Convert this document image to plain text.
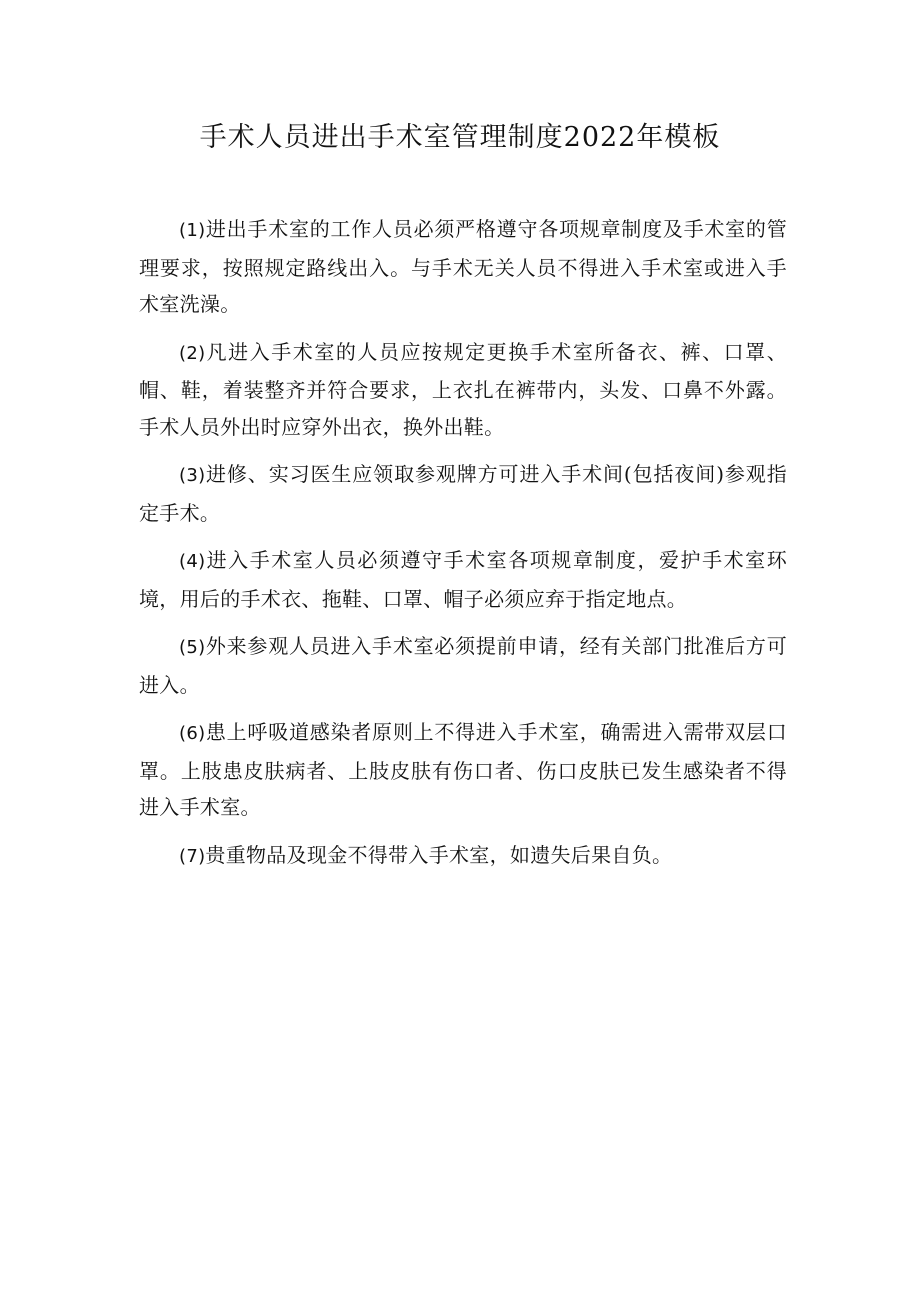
手术人员进出手术室管理制度2022年模板

(1)进出手术室的工作人员必须严格遵守各项规章制度及手术室的管理要求，按照规定路线出入。与手术无关人员不得进入手术室或进入手术室洗澡。

(2)凡进入手术室的人员应按规定更换手术室所备衣、裤、口罩、帽、鞋，着装整齐并符合要求，上衣扎在裤带内，头发、口鼻不外露。手术人员外出时应穿外出衣，换外出鞋。

(3)进修、实习医生应领取参观牌方可进入手术间(包括夜间)参观指定手术。

(4)进入手术室人员必须遵守手术室各项规章制度，爱护手术室环境，用后的手术衣、拖鞋、口罩、帽子必须应弃于指定地点。

(5)外来参观人员进入手术室必须提前申请，经有关部门批准后方可进入。

(6)患上呼吸道感染者原则上不得进入手术室，确需进入需带双层口罩。上肢患皮肤病者、上肢皮肤有伤口者、伤口皮肤已发生感染者不得进入手术室。

(7)贵重物品及现金不得带入手术室，如遗失后果自负。
